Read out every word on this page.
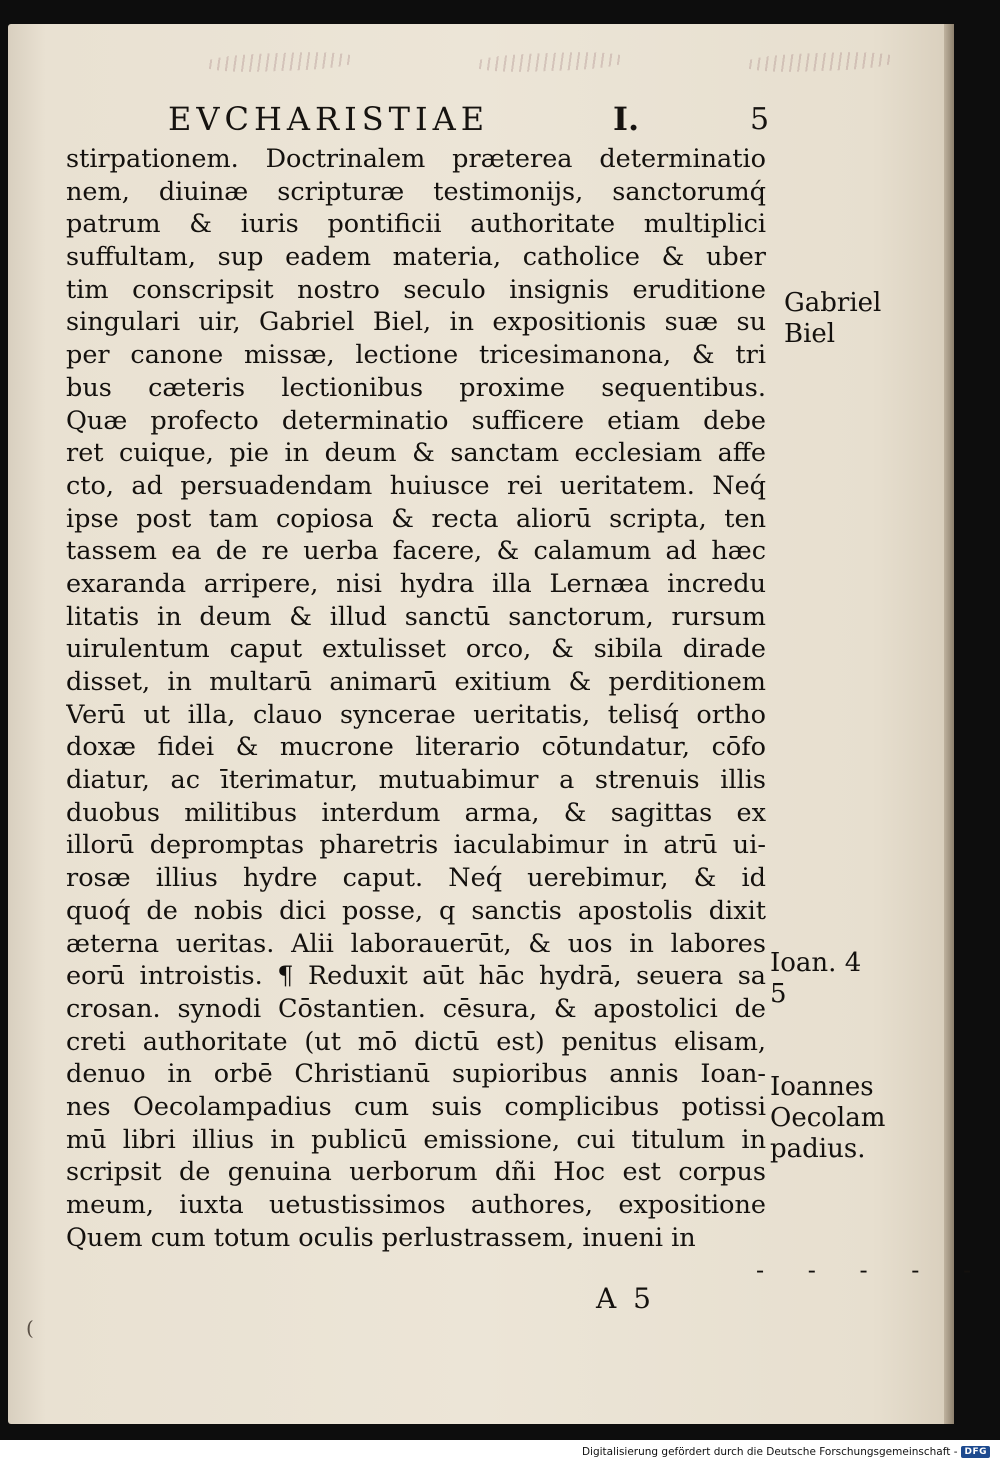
EVCHARISTIAE	I.	5
stirpationem. Doctrinalem præterea determinatio
nem, diuinæ scripturæ testimonijs, sanctorumq́
patrum & iuris pontificii authoritate multiplici
suffultam, sup eadem materia, catholice & uber
tim conscripsit nostro seculo insignis eruditione
singulari uir, Gabriel Biel, in expositionis suæ su
per canone missæ, lectione tricesimanona, & tri
bus cæteris lectionibus proxime sequentibus.
Quæ profecto determinatio sufficere etiam debe
ret cuique, pie in deum & sanctam ecclesiam affe
cto, ad persuadendam huiusce rei ueritatem. Neq́
ipse post tam copiosa & recta aliorū scripta, ten
tassem ea de re uerba facere, & calamum ad hæc
exaranda arripere, nisi hydra illa Lernæa incredu
litatis in deum & illud sanctū sanctorum, rursum
uirulentum caput extulisset orco, & sibila dirade
disset, in multarū animarū exitium & perditionem
Verū ut illa, clauo syncerae ueritatis, telisq́ ortho
doxæ fidei & mucrone literario cōtundatur, cōfo
diatur, ac īterimatur, mutuabimur a strenuis illis
duobus militibus interdum arma, & sagittas ex
illorū depromptas pharetris iaculabimur in atrū ui-
rosæ illius hydre caput. Neq́ uerebimur, & id
quoq́ de nobis dici posse, q sanctis apostolis dixit
æterna ueritas. Alii laborauerūt, & uos in labores
eorū introistis. ¶ Reduxit aūt hāc hydrā, seuera sa
crosan. synodi Cōstantien. cēsura, & apostolici de
creti authoritate (ut mō dictū est) penitus elisam,
denuo in orbē Christianū supioribus annis Ioan-
nes Oecolampadius cum suis complicibus potissi
mū libri illius in publicū emissione, cui titulum in
scripsit de genuina uerborum dñi Hoc est corpus
meum, iuxta uetustissimos authores, expositione
Quem cum totum oculis perlustrassem, inueni in
Gabriel
Biel
Ioan. 4
5
Ioannes
Oecolam
padius.
- - - - -
A 5
(
Digitalisierung gefördert durch die Deutsche Forschungsgemeinschaft - DFG
